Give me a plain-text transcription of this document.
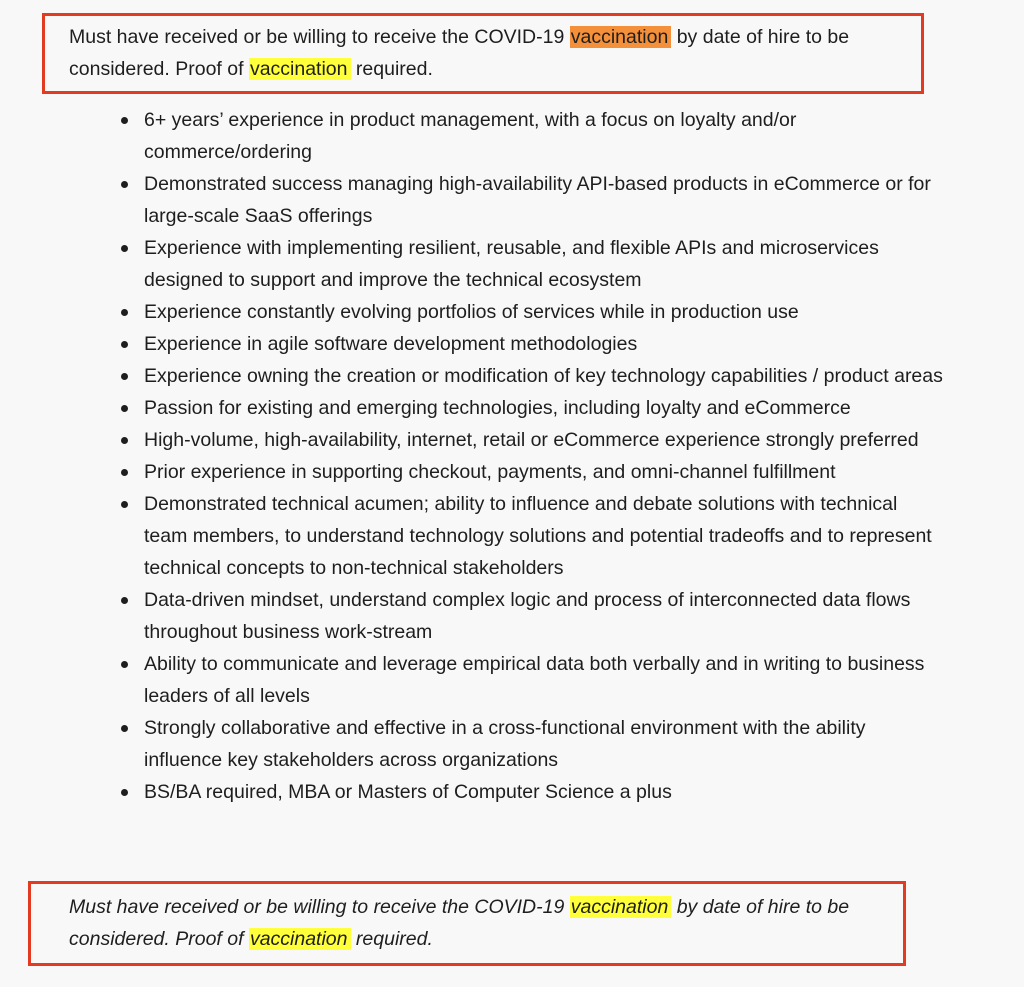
Must have received or be willing to receive the COVID-19 vaccination by date of hire to be considered. Proof of vaccination required.

6+ years’ experience in product management, with a focus on loyalty and/or commerce/ordering
Demonstrated success managing high-availability API-based products in eCommerce or for large-scale SaaS offerings
Experience with implementing resilient, reusable, and flexible APIs and microservices designed to support and improve the technical ecosystem
Experience constantly evolving portfolios of services while in production use
Experience in agile software development methodologies
Experience owning the creation or modification of key technology capabilities / product areas
Passion for existing and emerging technologies, including loyalty and eCommerce
High-volume, high-availability, internet, retail or eCommerce experience strongly preferred
Prior experience in supporting checkout, payments, and omni-channel fulfillment
Demonstrated technical acumen; ability to influence and debate solutions with technical team members, to understand technology solutions and potential tradeoffs and to represent technical concepts to non-technical stakeholders
Data-driven mindset, understand complex logic and process of interconnected data flows throughout business work-stream
Ability to communicate and leverage empirical data both verbally and in writing to business leaders of all levels
Strongly collaborative and effective in a cross-functional environment with the ability influence key stakeholders across organizations
BS/BA required, MBA or Masters of Computer Science a plus

Must have received or be willing to receive the COVID-19 vaccination by date of hire to be considered. Proof of vaccination required.
